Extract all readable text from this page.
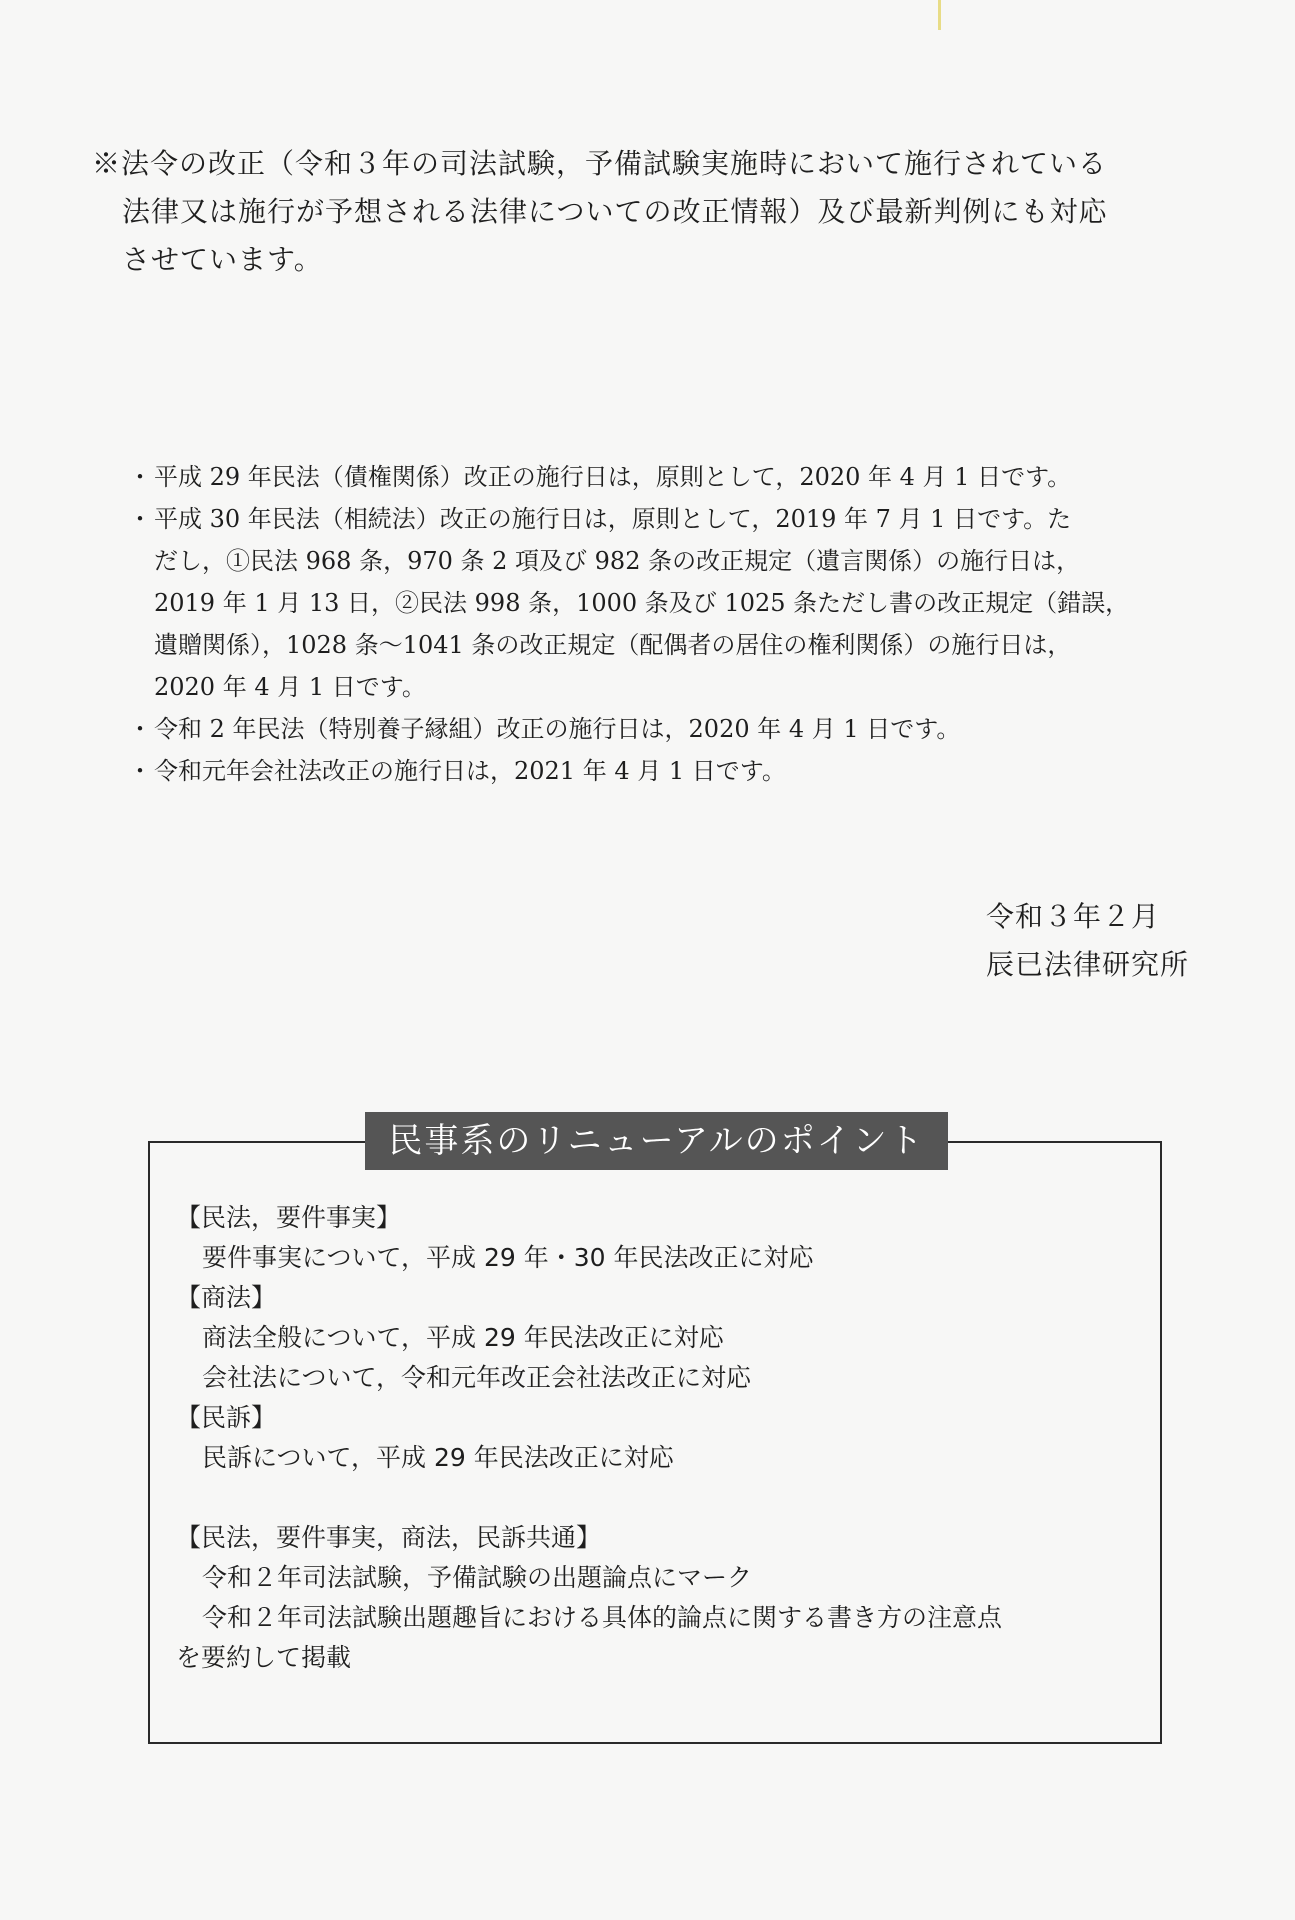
※法令の改正（令和３年の司法試験，予備試験実施時において施行されている
法律又は施行が予想される法律についての改正情報）及び最新判例にも対応
させています。
・ 平成 29 年民法（債権関係）改正の施行日は，原則として，2020 年 4 月 1 日です。
・ 平成 30 年民法（相続法）改正の施行日は，原則として，2019 年 7 月 1 日です。た
だし，①民法 968 条，970 条 2 項及び 982 条の改正規定（遺言関係）の施行日は，
2019 年 1 月 13 日，②民法 998 条，1000 条及び 1025 条ただし書の改正規定（錯誤，
遺贈関係），1028 条～1041 条の改正規定（配偶者の居住の権利関係）の施行日は，
2020 年 4 月 1 日です。
・ 令和 2 年民法（特別養子縁組）改正の施行日は，2020 年 4 月 1 日です。
・ 令和元年会社法改正の施行日は，2021 年 4 月 1 日です。
令和３年２月
辰已法律研究所
民事系のリニューアルのポイント
【民法，要件事実】
要件事実について，平成 29 年・30 年民法改正に対応
【商法】
商法全般について，平成 29 年民法改正に対応
会社法について，令和元年改正会社法改正に対応
【民訴】
民訴について，平成 29 年民法改正に対応
【民法，要件事実，商法，民訴共通】
令和２年司法試験，予備試験の出題論点にマーク
令和２年司法試験出題趣旨における具体的論点に関する書き方の注意点
を要約して掲載
